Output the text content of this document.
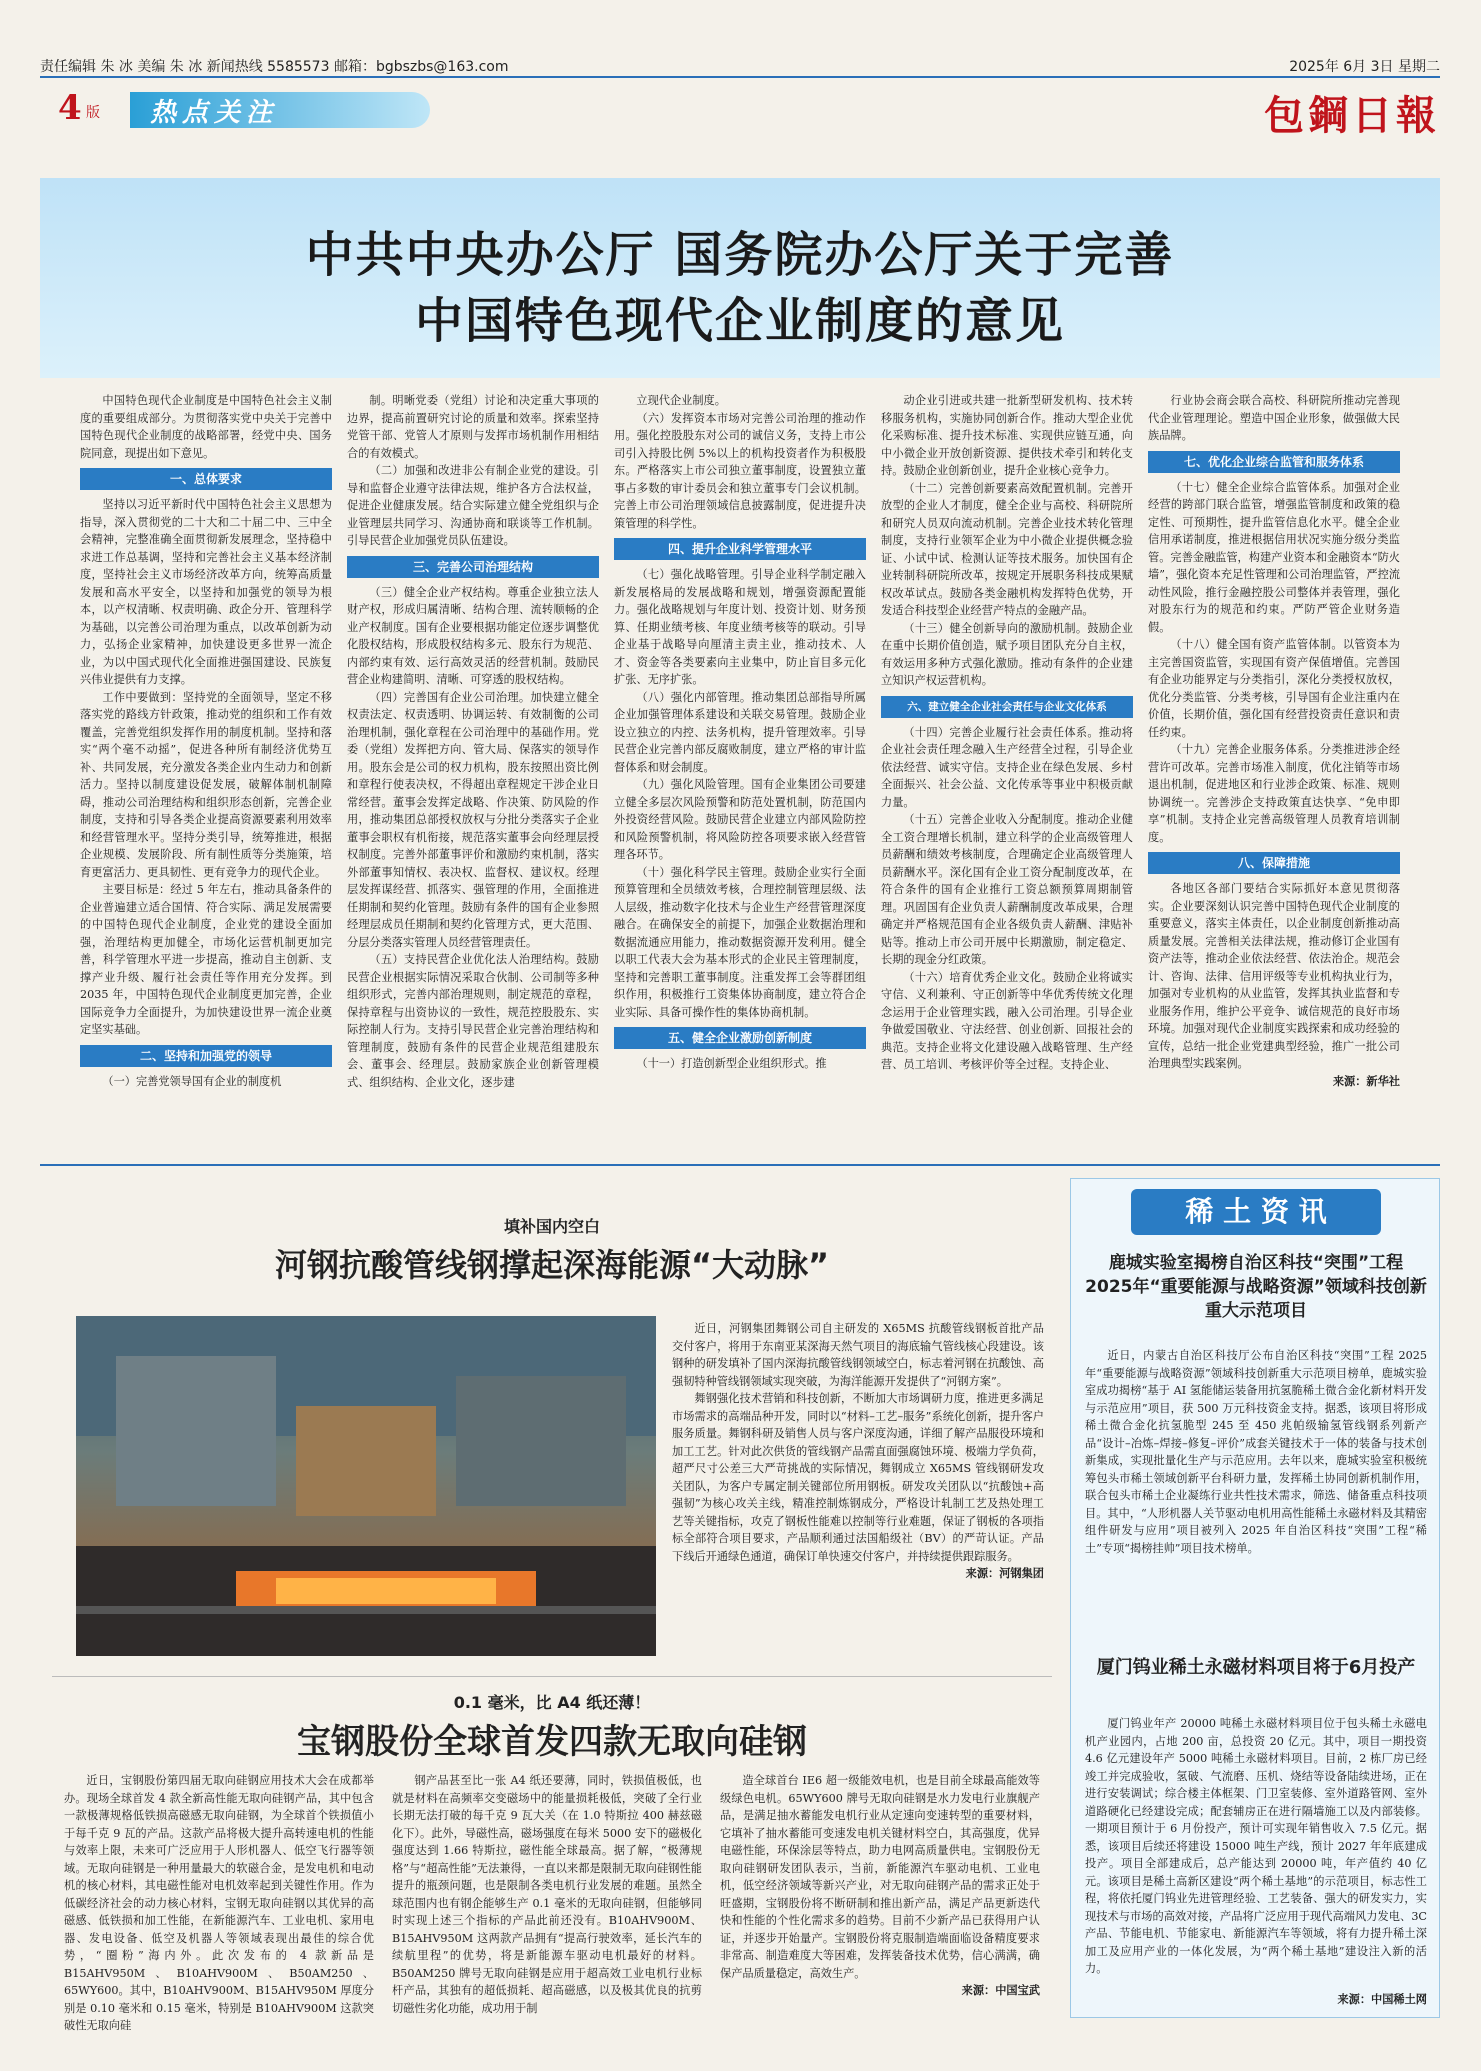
责任编辑 朱 冰 美编 朱 冰 新闻热线 5585573 邮箱：bgbszbs@163.com	2025年 6月 3日 星期二
4 版 热点关注	包鋼日報
中共中央办公厅 国务院办公厅关于完善
中国特色现代企业制度的意见

中国特色现代企业制度是中国特色社会主义制度的重要组成部分。为贯彻落实党中央关于完善中国特色现代企业制度的战略部署，经党中央、国务院同意，现提出如下意见。

一、总体要求

坚持以习近平新时代中国特色社会主义思想为指导，深入贯彻党的二十大和二十届二中、三中全会精神，完整准确全面贯彻新发展理念，坚持稳中求进工作总基调，坚持和完善社会主义基本经济制度，坚持社会主义市场经济改革方向，统筹高质量发展和高水平安全，以坚持和加强党的领导为根本，以产权清晰、权责明确、政企分开、管理科学为基础，以完善公司治理为重点，以改革创新为动力，弘扬企业家精神，加快建设更多世界一流企业，为以中国式现代化全面推进强国建设、民族复兴伟业提供有力支撑。

工作中要做到：坚持党的全面领导，坚定不移落实党的路线方针政策，推动党的组织和工作有效覆盖，完善党组织发挥作用的制度机制。坚持和落实“两个毫不动摇”，促进各种所有制经济优势互补、共同发展，充分激发各类企业内生动力和创新活力。坚持以制度建设促发展，破解体制机制障碍，推动公司治理结构和组织形态创新，完善企业制度，支持和引导各类企业提高资源要素利用效率和经营管理水平。坚持分类引导，统筹推进，根据企业规模、发展阶段、所有制性质等分类施策，培育更富活力、更具韧性、更有竞争力的现代企业。

主要目标是：经过 5 年左右，推动具备条件的企业普遍建立适合国情、符合实际、满足发展需要的中国特色现代企业制度，企业党的建设全面加强，治理结构更加健全，市场化运营机制更加完善，科学管理水平进一步提高，推动自主创新、支撑产业升级、履行社会责任等作用充分发挥。到 2035 年，中国特色现代企业制度更加完善，企业国际竞争力全面提升，为加快建设世界一流企业奠定坚实基础。

二、坚持和加强党的领导

（一）完善党领导国有企业的制度机

制。明晰党委（党组）讨论和决定重大事项的边界，提高前置研究讨论的质量和效率。探索坚持党管干部、党管人才原则与发挥市场机制作用相结合的有效模式。

（二）加强和改进非公有制企业党的建设。引导和监督企业遵守法律法规，维护各方合法权益，促进企业健康发展。结合实际建立健全党组织与企业管理层共同学习、沟通协商和联谈等工作机制。引导民营企业加强党员队伍建设。

三、完善公司治理结构

（三）健全企业产权结构。尊重企业独立法人财产权，形成归属清晰、结构合理、流转顺畅的企业产权制度。国有企业要根据功能定位逐步调整优化股权结构，形成股权结构多元、股东行为规范、内部约束有效、运行高效灵活的经营机制。鼓励民营企业构建简明、清晰、可穿透的股权结构。

（四）完善国有企业公司治理。加快建立健全权责法定、权责透明、协调运转、有效制衡的公司治理机制，强化章程在公司治理中的基础作用。党委（党组）发挥把方向、管大局、保落实的领导作用。股东会是公司的权力机构，股东按照出资比例和章程行使表决权，不得超出章程规定干涉企业日常经营。董事会发挥定战略、作决策、防风险的作用，推动集团总部授权放权与分批分类落实子企业董事会职权有机衔接，规范落实董事会向经理层授权制度。完善外部董事评价和激励约束机制，落实外部董事知情权、表决权、监督权、建议权。经理层发挥谋经营、抓落实、强管理的作用，全面推进任期制和契约化管理。鼓励有条件的国有企业参照经理层成员任期制和契约化管理方式，更大范围、分层分类落实管理人员经营管理责任。

（五）支持民营企业优化法人治理结构。鼓励民营企业根据实际情况采取合伙制、公司制等多种组织形式，完善内部治理规则，制定规范的章程，保持章程与出资协议的一致性，规范控股股东、实际控制人行为。支持引导民营企业完善治理结构和管理制度，鼓励有条件的民营企业规范组建股东会、董事会、经理层。鼓励家族企业创新管理模式、组织结构、企业文化，逐步建

立现代企业制度。

（六）发挥资本市场对完善公司治理的推动作用。强化控股股东对公司的诚信义务，支持上市公司引入持股比例 5%以上的机构投资者作为积极股东。严格落实上市公司独立董事制度，设置独立董事占多数的审计委员会和独立董事专门会议机制。完善上市公司治理领域信息披露制度，促进提升决策管理的科学性。

四、提升企业科学管理水平

（七）强化战略管理。引导企业科学制定融入新发展格局的发展战略和规划，增强资源配置能力。强化战略规划与年度计划、投资计划、财务预算、任期业绩考核、年度业绩考核等的联动。引导企业基于战略导向厘清主责主业，推动技术、人才、资金等各类要素向主业集中，防止盲目多元化扩张、无序扩张。

（八）强化内部管理。推动集团总部指导所属企业加强管理体系建设和关联交易管理。鼓励企业设立独立的内控、法务机构，提升管理效率。引导民营企业完善内部反腐败制度，建立严格的审计监督体系和财会制度。

（九）强化风险管理。国有企业集团公司要建立健全多层次风险预警和防范处置机制，防范国内外投资经营风险。鼓励民营企业建立内部风险防控和风险预警机制，将风险防控各项要求嵌入经营管理各环节。

（十）强化科学民主管理。鼓励企业实行全面预算管理和全员绩效考核，合理控制管理层级、法人层级，推动数字化技术与企业生产经营管理深度融合。在确保安全的前提下，加强企业数据治理和数据流通应用能力，推动数据资源开发利用。健全以职工代表大会为基本形式的企业民主管理制度，坚持和完善职工董事制度。注重发挥工会等群团组织作用，积极推行工资集体协商制度，建立符合企业实际、具备可操作性的集体协商机制。

五、健全企业激励创新制度

（十一）打造创新型企业组织形式。推

动企业引进或共建一批新型研发机构、技术转移服务机构，实施协同创新合作。推动大型企业优化采购标准、提升技术标准、实现供应链互通，向中小微企业开放创新资源、提供技术牵引和转化支持。鼓励企业创新创业，提升企业核心竞争力。

（十二）完善创新要素高效配置机制。完善开放型的企业人才制度，健全企业与高校、科研院所和研究人员双向流动机制。完善企业技术转化管理制度，支持行业领军企业为中小微企业提供概念验证、小试中试、检测认证等技术服务。加快国有企业转制科研院所改革，按规定开展职务科技成果赋权改革试点。鼓励各类金融机构发挥特色优势，开发适合科技型企业经营产特点的金融产品。

（十三）健全创新导向的激励机制。鼓励企业在重中长期价值创造，赋予项目团队充分自主权，有效运用多种方式强化激励。推动有条件的企业建立知识产权运营机构。

六、建立健全企业社会责任与企业文化体系

（十四）完善企业履行社会责任体系。推动将企业社会责任理念融入生产经营全过程，引导企业依法经营、诚实守信。支持企业在绿色发展、乡村全面振兴、社会公益、文化传承等事业中积极贡献力量。

（十五）完善企业收入分配制度。推动企业健全工资合理增长机制，建立科学的企业高级管理人员薪酬和绩效考核制度，合理确定企业高级管理人员薪酬水平。深化国有企业工资分配制度改革，在符合条件的国有企业推行工资总额预算周期制管理。巩固国有企业负责人薪酬制度改革成果，合理确定并严格规范国有企业各级负责人薪酬、津贴补贴等。推动上市公司开展中长期激励，制定稳定、长期的现金分红政策。

（十六）培育优秀企业文化。鼓励企业将诚实守信、义利兼利、守正创新等中华优秀传统文化理念运用于企业管理实践，融入公司治理。引导企业争做爱国敬业、守法经营、创业创新、回报社会的典范。支持企业将文化建设融入战略管理、生产经营、员工培训、考核评价等全过程。支持企业、

行业协会商会联合高校、科研院所推动完善现代企业管理理论。塑造中国企业形象，做强做大民族品牌。

七、优化企业综合监管和服务体系

（十七）健全企业综合监管体系。加强对企业经营的跨部门联合监管，增强监管制度和政策的稳定性、可预期性，提升监管信息化水平。健全企业信用承诺制度，推进根据信用状况实施分级分类监管。完善金融监管，构建产业资本和金融资本“防火墙”，强化资本充足性管理和公司治理监管，严控流动性风险，推行金融控股公司整体并表管理，强化对股东行为的规范和约束。严防严管企业财务造假。

（十八）健全国有资产监管体制。以管资本为主完善国资监管，实现国有资产保值增值。完善国有企业功能界定与分类指引，深化分类授权放权，优化分类监管、分类考核，引导国有企业注重内在价值，长期价值，强化国有经营投资责任意识和责任约束。

（十九）完善企业服务体系。分类推进涉企经营许可改革。完善市场准入制度，优化注销等市场退出机制，促进地区和行业涉企政策、标准、规则协调统一。完善涉企支持政策直达快享、“免申即享”机制。支持企业完善高级管理人员教育培训制度。

八、保障措施

各地区各部门要结合实际抓好本意见贯彻落实。企业要深刻认识完善中国特色现代企业制度的重要意义，落实主体责任，以企业制度创新推动高质量发展。完善相关法律法规，推动修订企业国有资产法等，推动企业依法经营、依法治企。规范会计、咨询、法律、信用评级等专业机构执业行为，加强对专业机构的从业监管，发挥其执业监督和专业服务作用，维护公平竞争、诚信规范的良好市场环境。加强对现代企业制度实践探索和成功经验的宣传，总结一批企业党建典型经验，推广一批公司治理典型实践案例。

来源：新华社
填补国内空白
河钢抗酸管线钢撑起深海能源“大动脉”

近日，河钢集团舞钢公司自主研发的 X65MS 抗酸管线钢板首批产品交付客户，将用于东南亚某深海天然气项目的海底输气管线核心段建设。该钢种的研发填补了国内深海抗酸管线钢领域空白，标志着河钢在抗酸蚀、高强韧特种管线钢领域实现突破，为海洋能源开发提供了“河钢方案”。

舞钢强化技术营销和科技创新，不断加大市场调研力度，推进更多满足市场需求的高端品种开发，同时以“材料–工艺–服务”系统化创新，提升客户服务质量。舞钢科研及销售人员与客户深度沟通，详细了解产品服役环境和加工工艺。针对此次供货的管线钢产品需直面强腐蚀环境、极端力学负荷，超严尺寸公差三大严苛挑战的实际情况，舞钢成立 X65MS 管线钢研发攻关团队，为客户专属定制关键部位所用钢板。研发攻关团队以“抗酸蚀+高强韧”为核心攻关主线，精准控制炼钢成分，严格设计轧制工艺及热处理工艺等关键指标，攻克了钢板性能难以控制等行业难题，保证了钢板的各项指标全部符合项目要求，产品顺利通过法国船级社（BV）的严苛认证。产品下线后开通绿色通道，确保订单快速交付客户，并持续提供跟踪服务。

来源：河钢集团
0.1 毫米，比 A4 纸还薄！
宝钢股份全球首发四款无取向硅钢

近日，宝钢股份第四届无取向硅钢应用技术大会在成都举办。现场全球首发 4 款全新高性能无取向硅钢产品，其中包含一款极薄规格低铁损高磁感无取向硅钢，为全球首个铁损值小于每千克 9 瓦的产品。这款产品将极大提升高转速电机的性能与效率上限，未来可广泛应用于人形机器人、低空飞行器等领域。无取向硅钢是一种用量最大的软磁合金，是发电机和电动机的核心材料，其电磁性能对电机效率起到关键性作用。作为低碳经济社会的动力核心材料，宝钢无取向硅钢以其优异的高磁感、低铁损和加工性能，在新能源汽车、工业电机、家用电器、发电设备、低空及机器人等领域表现出最佳的综合优势，“圈粉”海内外。此次发布的 4 款新品是 B15AHV950M、B10AHV900M、B50AM250、65WY600。其中，B10AHV900M、B15AHV950M 厚度分别是 0.10 毫米和 0.15 毫米，特别是 B10AHV900M 这款突破性无取向硅

钢产品甚至比一张 A4 纸还要薄，同时，铁损值极低，也就是材料在高频率交变磁场中的能量损耗极低，突破了全行业长期无法打破的每千克 9 瓦大关（在 1.0 特斯拉 400 赫兹磁化下）。此外，导磁性高，磁场强度在每米 5000 安下的磁极化强度达到 1.66 特斯拉，磁性能全球最高。据了解，“极薄规格”与“超高性能”无法兼得，一直以来都是限制无取向硅钢性能提升的瓶颈问题，也是限制各类电机行业发展的难题。虽然全球范围内也有钢企能够生产 0.1 毫米的无取向硅钢，但能够同时实现上述三个指标的产品此前还没有。B10AHV900M、B15AHV950M 这两款产品拥有“提高行驶效率，延长汽车的续航里程”的优势，将是新能源车驱动电机最好的材料。B50AM250 牌号无取向硅钢是应用于超高效工业电机行业标杆产品，其独有的超低损耗、超高磁感，以及极其优良的抗剪切磁性劣化功能，成功用于制

造全球首台 IE6 超一级能效电机，也是目前全球最高能效等级绿色电机。65WY600 牌号无取向硅钢是水力发电行业旗舰产品，是满足抽水蓄能发电机行业从定速向变速转型的重要材料，它填补了抽水蓄能可变速发电机关键材料空白，其高强度，优异电磁性能，环保涂层等特点，助力电网高质量供电。宝钢股份无取向硅钢研发团队表示，当前，新能源汽车驱动电机、工业电机，低空经济领域等新兴产业，对无取向硅钢产品的需求正处于旺盛期，宝钢股份将不断研制和推出新产品，满足产品更新迭代快和性能的个性化需求多的趋势。目前不少新产品已获得用户认证，并逐步开始量产。宝钢股份将克服制造端面临设备精度要求非常高、制造难度大等困难，发挥装备技术优势，信心满满，确保产品质量稳定，高效生产。

来源：中国宝武
稀 土 资 讯
鹿城实验室揭榜自治区科技“突围”工程 2025年“重要能源与战略资源”领域科技创新重大示范项目

近日，内蒙古自治区科技厅公布自治区科技“突围”工程 2025 年“重要能源与战略资源”领域科技创新重大示范项目榜单，鹿城实验室成功揭榜“基于 AI 氢能储运装备用抗氢脆稀土微合金化新材料开发与示范应用”项目，获 500 万元科技资金支持。据悉，该项目将形成稀土微合金化抗氢脆型 245 至 450 兆帕级输氢管线钢系列新产品“设计–冶炼–焊接–修复–评价”成套关键技术于一体的装备与技术创新集成，实现批量化生产与示范应用。去年以来，鹿城实验室积极统筹包头市稀土领域创新平台科研力量，发挥稀土协同创新机制作用，联合包头市稀土企业凝练行业共性技术需求，筛选、储备重点科技项目。其中，“人形机器人关节驱动电机用高性能稀土永磁材料及其精密组件研发与应用”项目被列入 2025 年自治区科技“突围”工程“稀土”专项“揭榜挂帅”项目技术榜单。

厦门钨业稀土永磁材料项目将于6月投产

厦门钨业年产 20000 吨稀土永磁材料项目位于包头稀土永磁电机产业园内，占地 200 亩，总投资 20 亿元。其中，项目一期投资 4.6 亿元建设年产 5000 吨稀土永磁材料项目。目前，2 栋厂房已经竣工并完成验收，氢破、气流磨、压机、烧结等设备陆续进场，正在进行安装调试；综合楼主体框架、门卫室装修、室外道路管网、室外道路硬化已经建设完成；配套辅房正在进行隔墙施工以及内部装修。一期项目预计于 6 月份投产，预计可实现年销售收入 7.5 亿元。据悉，该项目后续还将建设 15000 吨生产线，预计 2027 年年底建成投产。项目全部建成后，总产能达到 20000 吨，年产值约 40 亿元。该项目是稀土高新区建设“两个稀土基地”的示范项目，标志性工程，将依托厦门钨业先进管理经验、工艺装备、强大的研发实力，实现技术与市场的高效对接，产品将广泛应用于现代高端风力发电、3C 产品、节能电机、节能家电、新能源汽车等领域，将有力提升稀土深加工及应用产业的一体化发展，为“两个稀土基地”建设注入新的活力。

来源：中国稀土网
